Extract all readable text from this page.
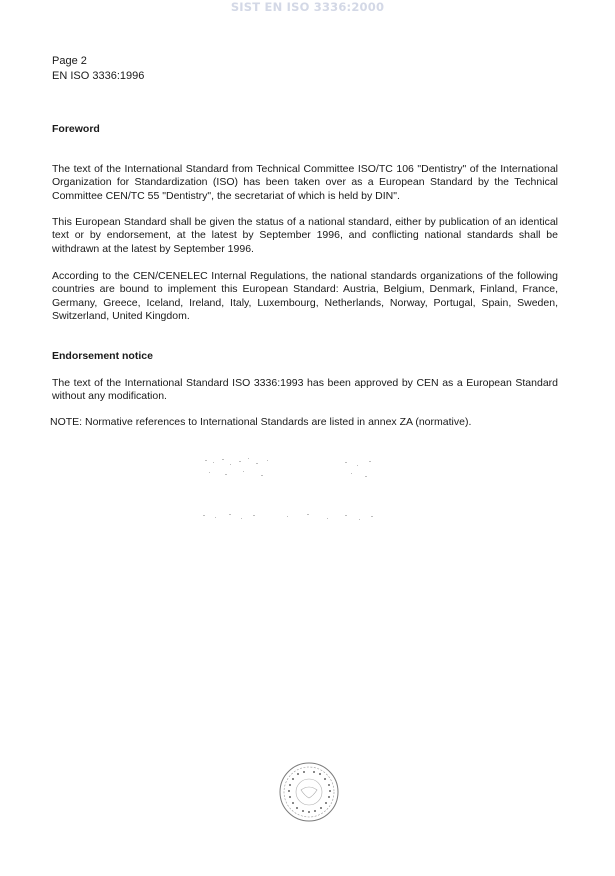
SIST EN ISO 3336:2000
Page 2
EN ISO 3336:1996
Foreword
The text of the International Standard from Technical Committee ISO/TC 106 "Dentistry" of the International Organization for Standardization (ISO) has been taken over as a European Standard by the Technical Committee CEN/TC 55 "Dentistry", the secretariat of which is held by DIN".
This European Standard shall be given the status of a national standard, either by publication of an identical text or by endorsement, at the latest by September 1996, and conflicting national standards shall be withdrawn at the latest by September 1996.
According to the CEN/CENELEC Internal Regulations, the national standards organizations of the following countries are bound to implement this European Standard: Austria, Belgium, Denmark, Finland, France, Germany, Greece, Iceland, Ireland, Italy, Luxembourg, Netherlands, Norway, Portugal, Spain, Sweden, Switzerland, United Kingdom.
Endorsement notice
The text of the International Standard ISO 3336:1993 has been approved by CEN as a European Standard without any modification.
NOTE: Normative references to International Standards are listed in annex ZA (normative).
